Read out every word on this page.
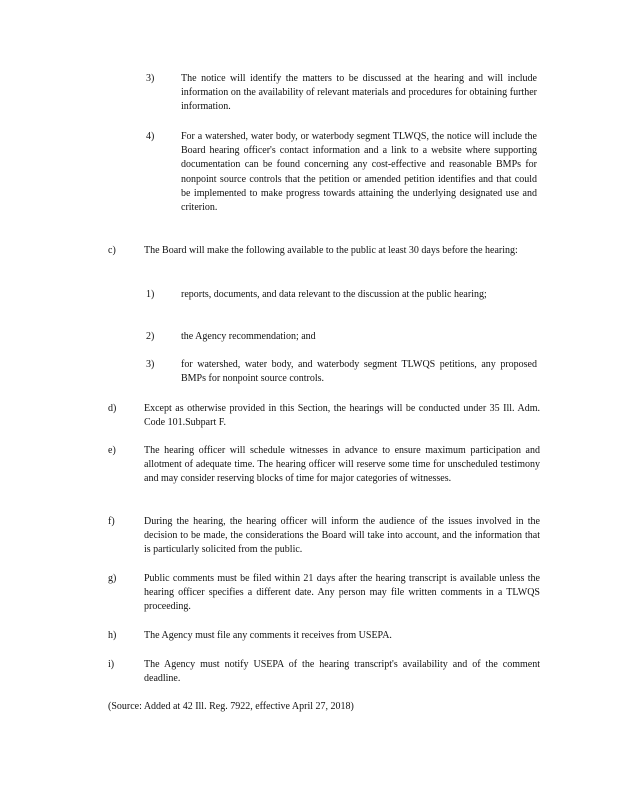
3)	The notice will identify the matters to be discussed at the hearing and will include information on the availability of relevant materials and procedures for obtaining further information.
4)	For a watershed, water body, or waterbody segment TLWQS, the notice will include the Board hearing officer's contact information and a link to a website where supporting documentation can be found concerning any cost-effective and reasonable BMPs for nonpoint source controls that the petition or amended petition identifies and that could be implemented to make progress towards attaining the underlying designated use and criterion.
c)	The Board will make the following available to the public at least 30 days before the hearing:
1)	reports, documents, and data relevant to the discussion at the public hearing;
2)	the Agency recommendation; and
3)	for watershed, water body, and waterbody segment TLWQS petitions, any proposed BMPs for nonpoint source controls.
d)	Except as otherwise provided in this Section, the hearings will be conducted under 35 Ill. Adm. Code 101.Subpart F.
e)	The hearing officer will schedule witnesses in advance to ensure maximum participation and allotment of adequate time. The hearing officer will reserve some time for unscheduled testimony and may consider reserving blocks of time for major categories of witnesses.
f)	During the hearing, the hearing officer will inform the audience of the issues involved in the decision to be made, the considerations the Board will take into account, and the information that is particularly solicited from the public.
g)	Public comments must be filed within 21 days after the hearing transcript is available unless the hearing officer specifies a different date. Any person may file written comments in a TLWQS proceeding.
h)	The Agency must file any comments it receives from USEPA.
i)	The Agency must notify USEPA of the hearing transcript's availability and of the comment deadline.
(Source: Added at 42 Ill. Reg. 7922, effective April 27, 2018)
